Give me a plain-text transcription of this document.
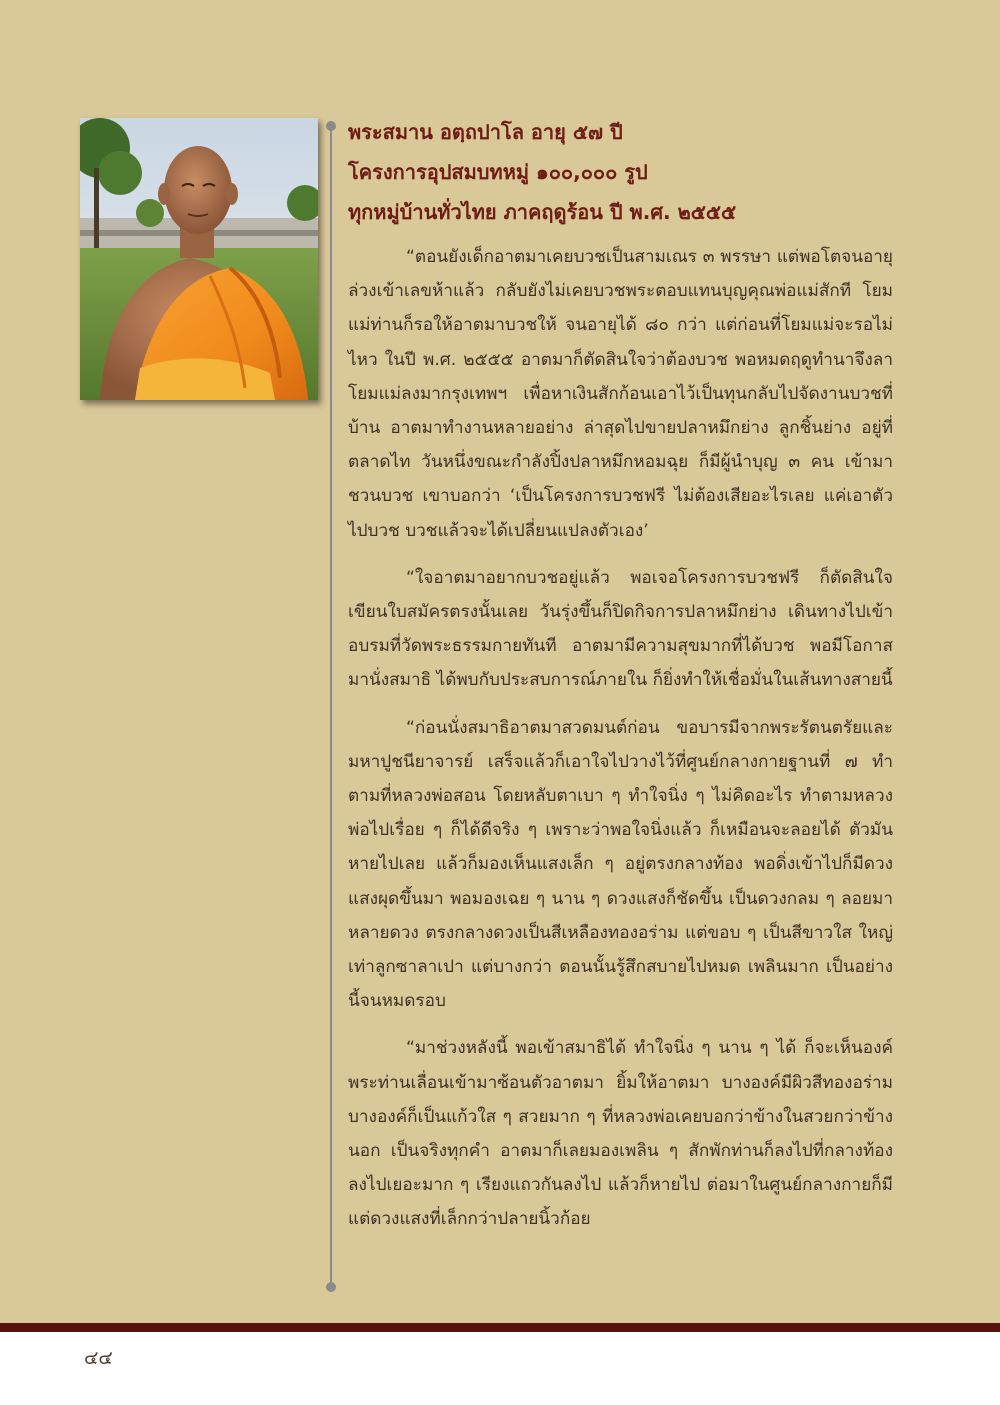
พระสมาน อตฺถปาโล อายุ ๕๗ ปี
โครงการอุปสมบทหมู่ ๑๐๐,๐๐๐ รูป
ทุกหมู่บ้านทั่วไทย ภาคฤดูร้อน ปี พ.ศ. ๒๕๕๕

“ตอนยังเด็กอาตมาเคยบวชเป็นสามเณร ๓ พรรษา แต่พอโตจนอายุล่วงเข้าเลขห้าแล้ว กลับยังไม่เคยบวชพระตอบแทนบุญคุณพ่อแม่สักที โยมแม่ท่านก็รอให้อาตมาบวชให้ จนอายุได้ ๘๐ กว่า แต่ก่อนที่โยมแม่จะรอไม่ไหว ในปี พ.ศ. ๒๕๕๕ อาตมาก็ตัดสินใจว่าต้องบวช พอหมดฤดูทำนาจึงลาโยมแม่ลงมากรุงเทพฯ เพื่อหาเงินสักก้อนเอาไว้เป็นทุนกลับไปจัดงานบวชที่บ้าน อาตมาทำงานหลายอย่าง ล่าสุดไปขายปลาหมึกย่าง ลูกชิ้นย่าง อยู่ที่ตลาดไท วันหนึ่งขณะกำลังปิ้งปลาหมึกหอมฉุย ก็มีผู้นำบุญ ๓ คน เข้ามาชวนบวช เขาบอกว่า ‘เป็นโครงการบวชฟรี ไม่ต้องเสียอะไรเลย แค่เอาตัวไปบวช บวชแล้วจะได้เปลี่ยนแปลงตัวเอง’

“ใจอาตมาอยากบวชอยู่แล้ว พอเจอโครงการบวชฟรี ก็ตัดสินใจเขียนใบสมัครตรงนั้นเลย วันรุ่งขึ้นก็ปิดกิจการปลาหมึกย่าง เดินทางไปเข้าอบรมที่วัดพระธรรมกายทันที อาตมามีความสุขมากที่ได้บวช พอมีโอกาสมานั่งสมาธิ ได้พบกับประสบการณ์ภายใน ก็ยิ่งทำให้เชื่อมั่นในเส้นทางสายนี้

“ก่อนนั่งสมาธิอาตมาสวดมนต์ก่อน ขอบารมีจากพระรัตนตรัยและมหาปูชนียาจารย์ เสร็จแล้วก็เอาใจไปวางไว้ที่ศูนย์กลางกายฐานที่ ๗ ทำตามที่หลวงพ่อสอน โดยหลับตาเบา ๆ ทำใจนิ่ง ๆ ไม่คิดอะไร ทำตามหลวงพ่อไปเรื่อย ๆ ก็ได้ดีจริง ๆ เพราะว่าพอใจนิ่งแล้ว ก็เหมือนจะลอยได้ ตัวมันหายไปเลย แล้วก็มองเห็นแสงเล็ก ๆ อยู่ตรงกลางท้อง พอดิ่งเข้าไปก็มีดวงแสงผุดขึ้นมา พอมองเฉย ๆ นาน ๆ ดวงแสงก็ชัดขึ้น เป็นดวงกลม ๆ ลอยมาหลายดวง ตรงกลางดวงเป็นสีเหลืองทองอร่าม แต่ขอบ ๆ เป็นสีขาวใส ใหญ่เท่าลูกซาลาเปา แต่บางกว่า ตอนนั้นรู้สึกสบายไปหมด เพลินมาก เป็นอย่างนี้จนหมดรอบ

“มาช่วงหลังนี้ พอเข้าสมาธิได้ ทำใจนิ่ง ๆ นาน ๆ ได้ ก็จะเห็นองค์พระท่านเลื่อนเข้ามาซ้อนตัวอาตมา ยิ้มให้อาตมา บางองค์มีผิวสีทองอร่าม บางองค์ก็เป็นแก้วใส ๆ สวยมาก ๆ ที่หลวงพ่อเคยบอกว่าข้างในสวยกว่าข้างนอก เป็นจริงทุกคำ อาตมาก็เลยมองเพลิน ๆ สักพักท่านก็ลงไปที่กลางท้อง ลงไปเยอะมาก ๆ เรียงแถวกันลงไป แล้วก็หายไป ต่อมาในศูนย์กลางกายก็มีแต่ดวงแสงที่เล็กกว่าปลายนิ้วก้อย

๔๔
